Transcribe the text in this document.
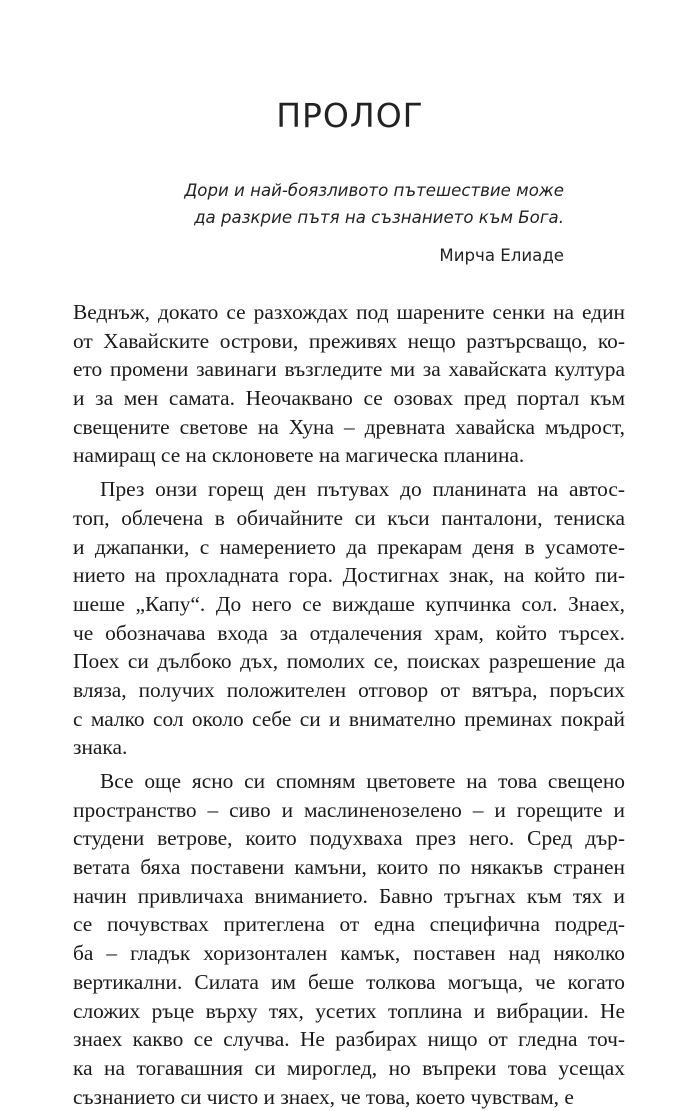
ПРОЛОГ
Дори и най-боязливото пътешествие може
да разкрие пътя на съзнанието към Бога.
Мирча Елиаде
Веднъж, докато се разхождах под шарените сенки на един
от Хавайските острови, преживях нещо разтърсващо, ко-
ето промени завинаги възгледите ми за хавайската култура
и за мен самата. Неочаквано се озовах пред портал към
свещените светове на Хуна – древната хавайска мъдрост,
намиращ се на склоновете на магическа планина.
През онзи горещ ден пътувах до планината на автос-
топ, облечена в обичайните си къси панталони, тениска
и джапанки, с намерението да прекарам деня в усамоте-
нието на прохладната гора. Достигнах знак, на който пи-
шеше „Капу“. До него се виждаше купчинка сол. Знаех,
че обозначава входа за отдалечения храм, който търсех.
Поех си дълбоко дъх, помолих се, поисках разрешение да
вляза, получих положителен отговор от вятъра, поръсих
с малко сол около себе си и внимателно преминах покрай
знака.
Все още ясно си спомням цветовете на това свещено
пространство – сиво и маслиненозелено – и горещите и
студени ветрове, които подухваха през него. Сред дър-
ветата бяха поставени камъни, които по някакъв странен
начин привличаха вниманието. Бавно тръгнах към тях и
се почувствах притеглена от една специфична подред-
ба – гладък хоризонтален камък, поставен над няколко
вертикални. Силата им беше толкова могъща, че когато
сложих ръце върху тях, усетих топлина и вибрации. Не
знаех какво се случва. Не разбирах нищо от гледна точ-
ка на тогавашния си мироглед, но въпреки това усещах
съзнанието си чисто и знаех, че това, което чувствам, е
